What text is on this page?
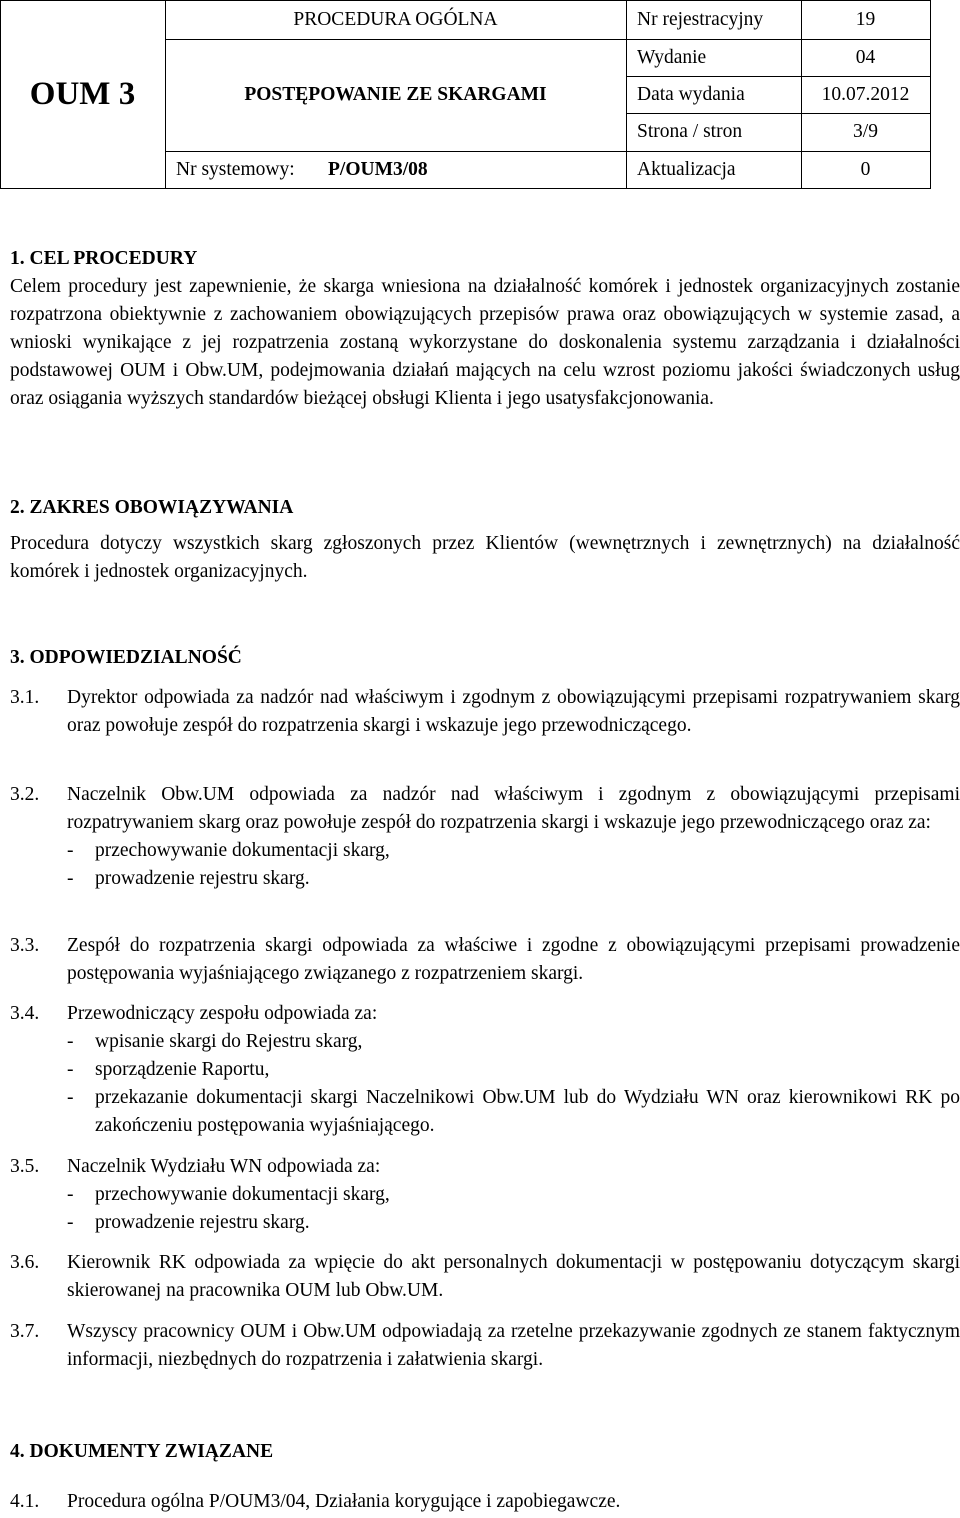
OUM 3
PROCEDURA OGÓLNA
POSTĘPOWANIE ZE SKARGAMI
Nr systemowy:	P/OUM3/08
Nr rejestracyjny	19
Wydanie	04
Data wydania	10.07.2012
Strona / stron	3/9
Aktualizacja	0

1. CEL PROCEDURY

Celem procedury jest zapewnienie, że skarga wniesiona na działalność komórek i jednostek organizacyjnych zostanie rozpatrzona obiektywnie z zachowaniem obowiązujących przepisów prawa oraz obowiązujących w systemie zasad, a wnioski wynikające z jej rozpatrzenia zostaną wykorzystane do doskonalenia systemu zarządzania i działalności podstawowej OUM i Obw.UM, podejmowania działań mających na celu wzrost poziomu jakości świadczonych usług oraz osiągania wyższych standardów bieżącej obsługi Klienta i jego usatysfakcjonowania.

2. ZAKRES OBOWIĄZYWANIA

Procedura dotyczy wszystkich skarg zgłoszonych przez Klientów (wewnętrznych i zewnętrznych) na działalność komórek i jednostek organizacyjnych.

3. ODPOWIEDZIALNOŚĆ

3.1. Dyrektor odpowiada za nadzór nad właściwym i zgodnym z obowiązującymi przepisami rozpatrywaniem skarg oraz powołuje zespół do rozpatrzenia skargi i wskazuje jego przewodniczącego.
3.2. Naczelnik Obw.UM odpowiada za nadzór nad właściwym i zgodnym z obowiązującymi przepisami rozpatrywaniem skarg oraz powołuje zespół do rozpatrzenia skargi i wskazuje jego przewodniczącego oraz za:
- przechowywanie dokumentacji skarg,
- prowadzenie rejestru skarg.
3.3. Zespół do rozpatrzenia skargi odpowiada za właściwe i zgodne z obowiązującymi przepisami prowadzenie postępowania wyjaśniającego związanego z rozpatrzeniem skargi.
3.4. Przewodniczący zespołu odpowiada za:
- wpisanie skargi do Rejestru skarg,
- sporządzenie Raportu,
- przekazanie dokumentacji skargi Naczelnikowi Obw.UM lub do Wydziału WN oraz kierownikowi RK po zakończeniu postępowania wyjaśniającego.
3.5. Naczelnik Wydziału WN odpowiada za:
- przechowywanie dokumentacji skarg,
- prowadzenie rejestru skarg.
3.6. Kierownik RK odpowiada za wpięcie do akt personalnych dokumentacji w postępowaniu dotyczącym skargi skierowanej na pracownika OUM lub Obw.UM.
3.7. Wszyscy pracownicy OUM i Obw.UM odpowiadają za rzetelne przekazywanie zgodnych ze stanem faktycznym informacji, niezbędnych do rozpatrzenia i załatwienia skargi.

4. DOKUMENTY ZWIĄZANE

4.1. Procedura ogólna P/OUM3/04, Działania korygujące i zapobiegawcze.
